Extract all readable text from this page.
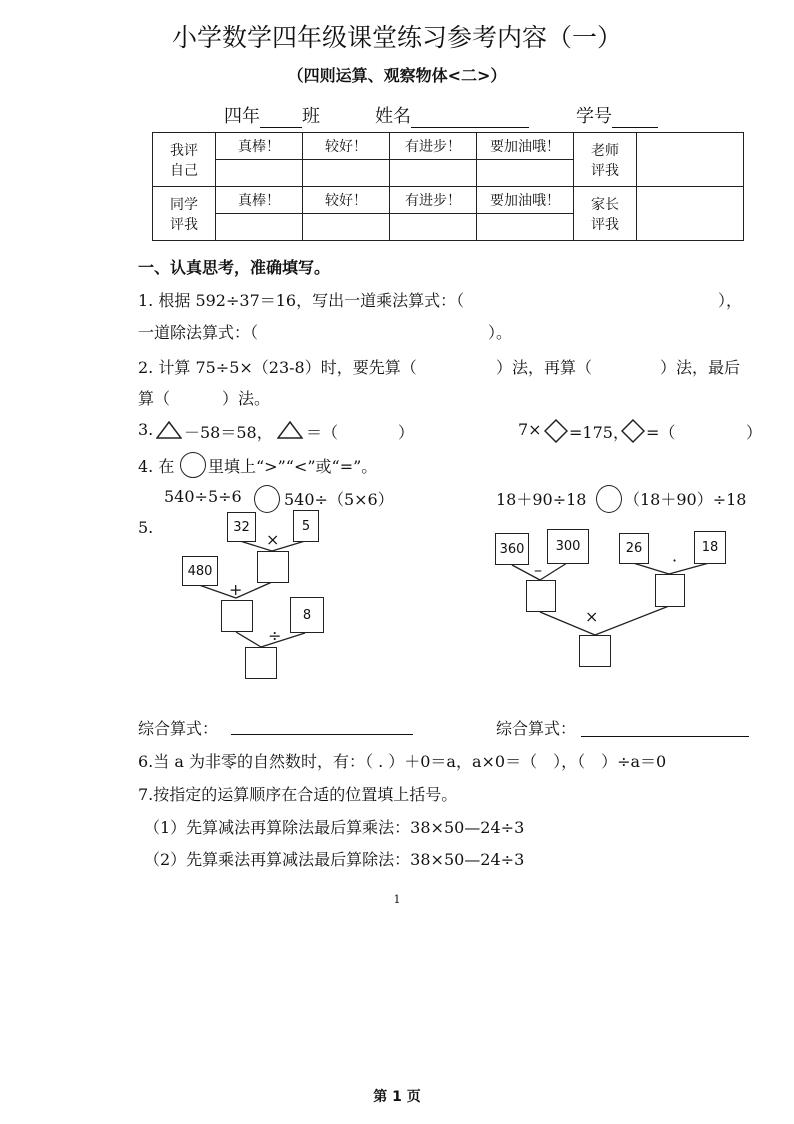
小学数学四年级课堂练习参考内容（一）
（四则运算、观察物体<二>）
四年 班	姓名	学号
我评
自己	真棒！	较好！	有进步！	要加油哦！	老师
评我	

同学
评我	真棒！	较好！	有进步！	要加油哦！	家长
评我	

一、认真思考，准确填写。
1. 根据 592÷37＝16，写出一道乘法算式：（	），
一道除法算式：（	）。
2. 计算 75÷5×（23-8）时，要先算（	）法，再算（	）法，最后
算（	）法。
3. －58＝58， ＝（	）	7× =175， =（	）
4. 在 里填上“>”“<”或“=”。
540÷5÷6	540÷（5×6）	18＋90÷18 （18＋90）÷18
5.	32	5
×
480
+
8
÷
360	300
–
26	18
·
×
综合算式：	综合算式：
6.当 a 为非零的自然数时，有：（ . ）＋0＝a，a×0＝（　），（　）÷a＝0
7.按指定的运算顺序在合适的位置填上括号。
（1）先算减法再算除法最后算乘法：38×50—24÷3
（2）先算乘法再算减法最后算除法：38×50—24÷3
1
第 1 页
